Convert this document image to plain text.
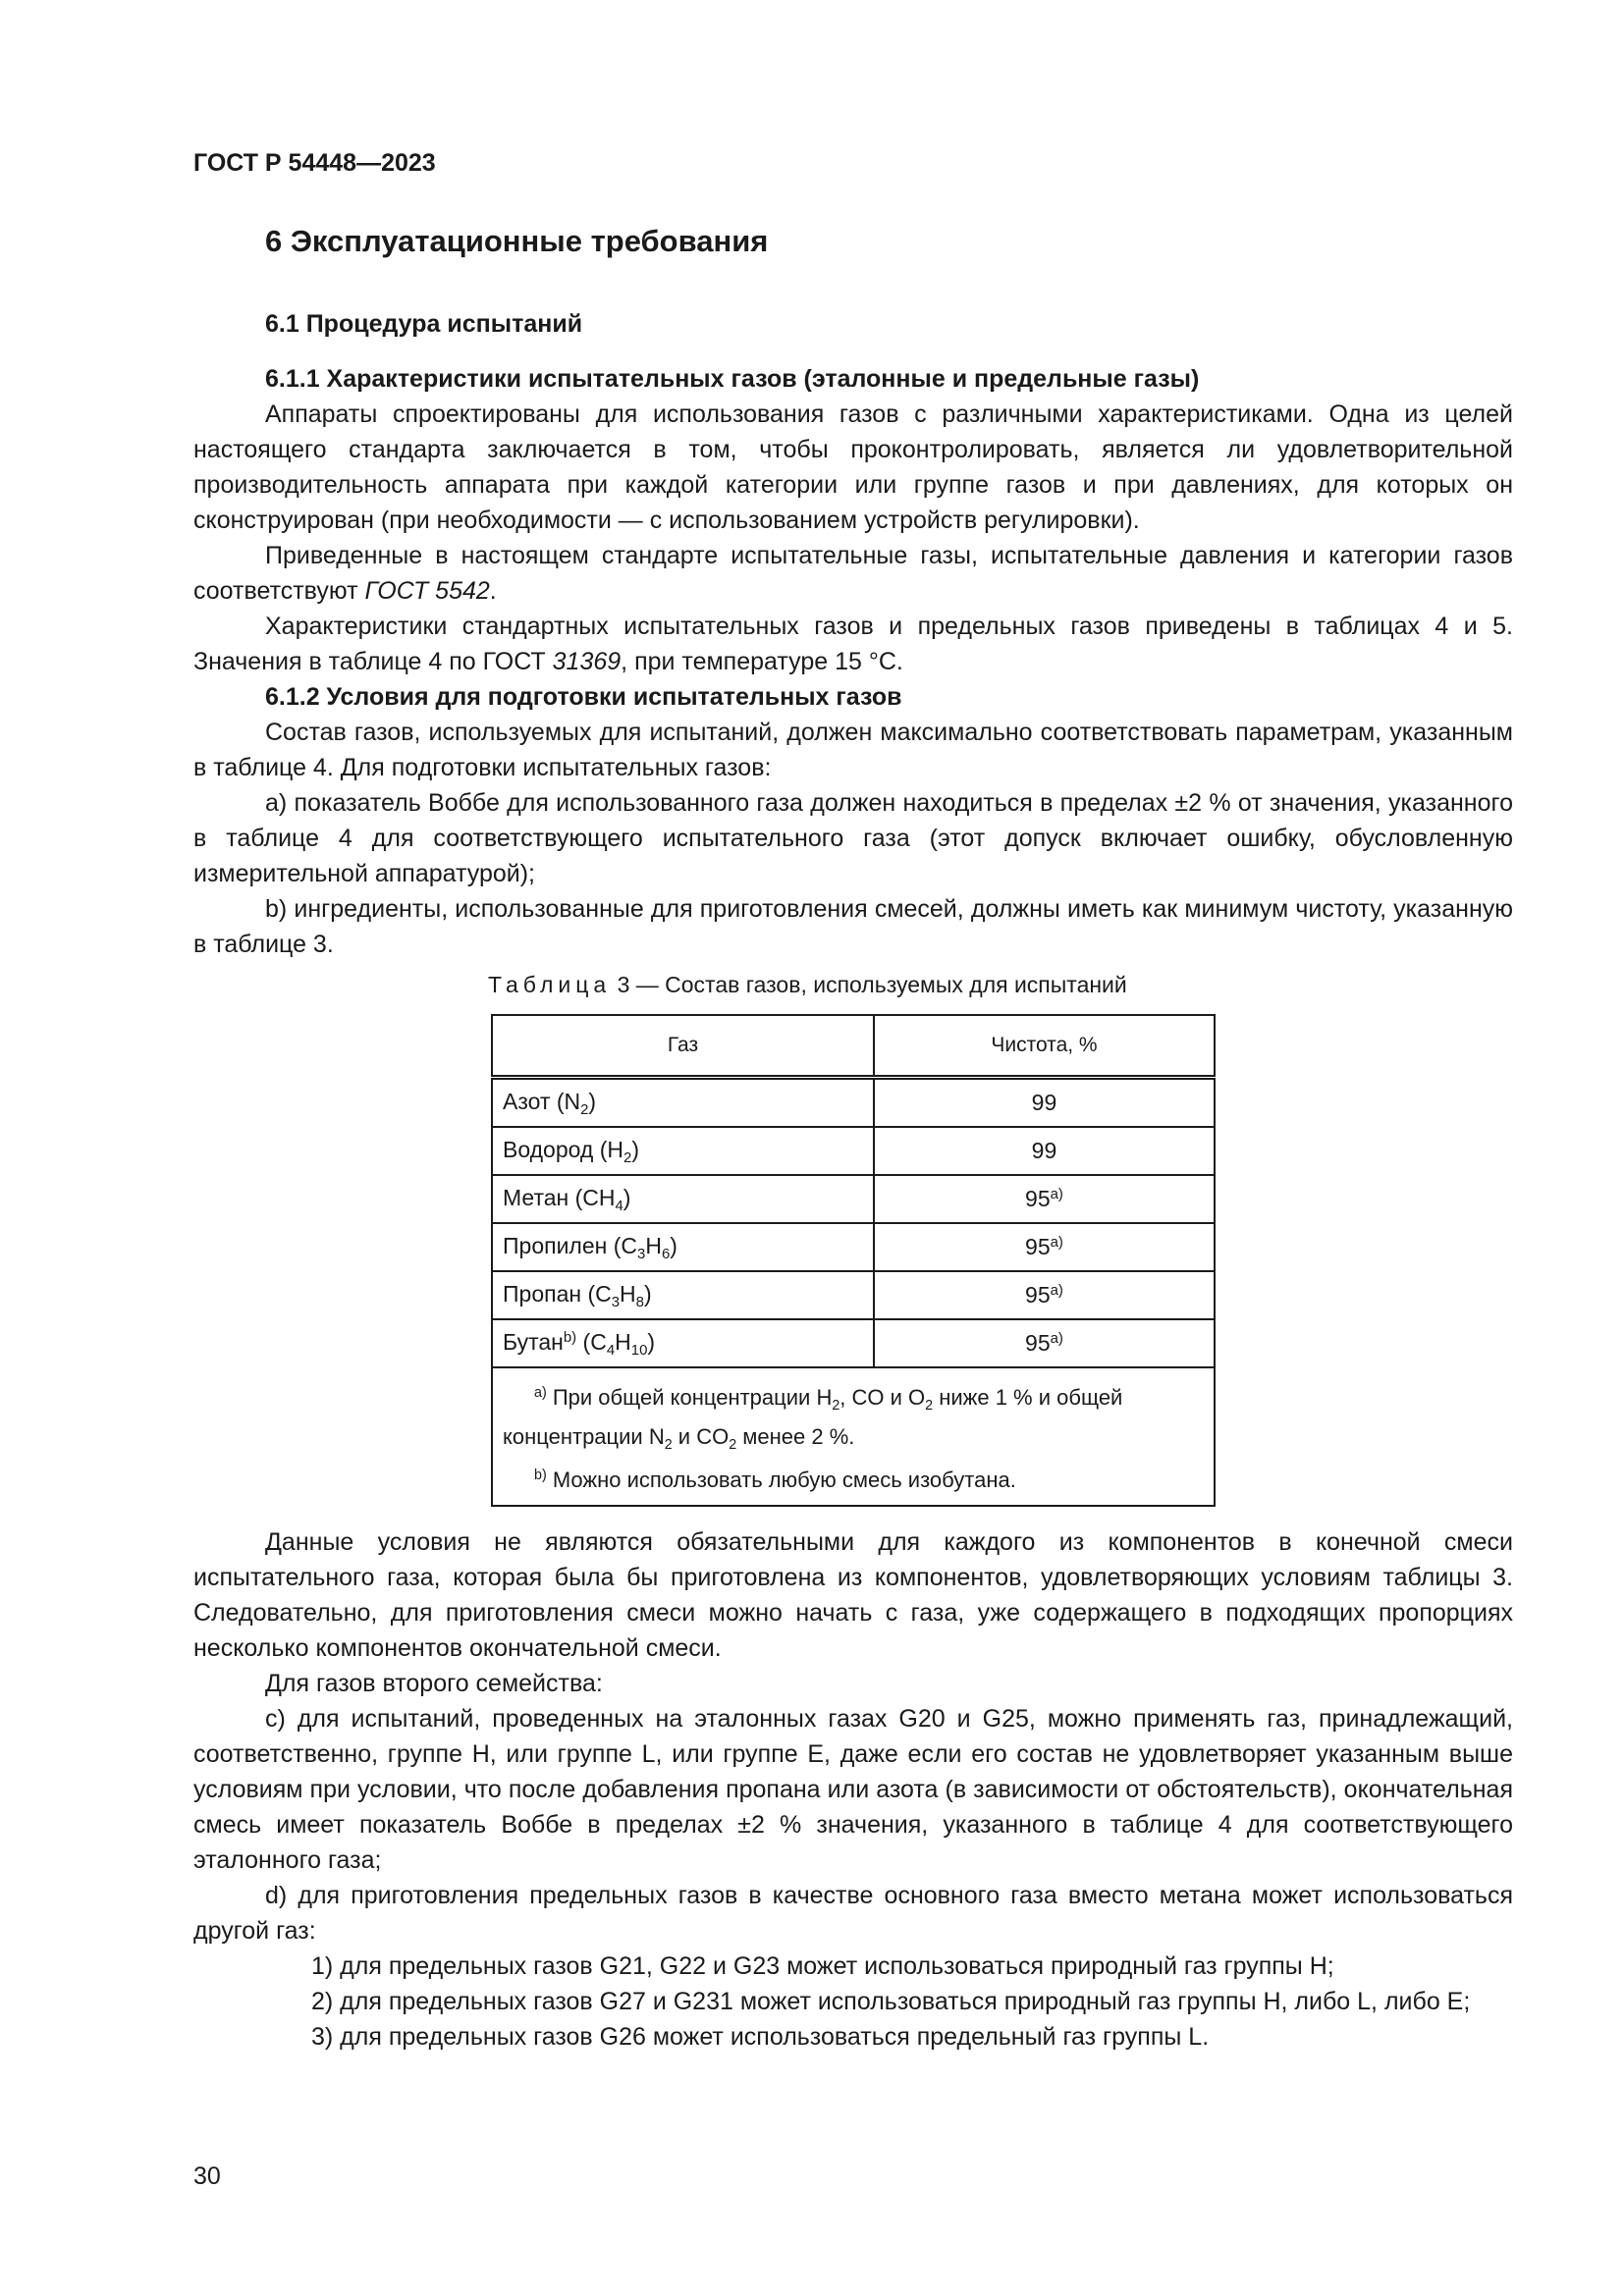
ГОСТ Р 54448—2023
6 Эксплуатационные требования

6.1 Процедура испытаний

6.1.1 Характеристики испытательных газов (эталонные и предельные газы)

Аппараты спроектированы для использования газов с различными характеристиками. Одна из целей настоящего стандарта заключается в том, чтобы проконтролировать, является ли удовлетворительной производительность аппарата при каждой категории или группе газов и при давлениях, для которых он сконструирован (при необходимости — с использованием устройств регулировки).

Приведенные в настоящем стандарте испытательные газы, испытательные давления и категории газов соответствуют ГОСТ 5542.

Характеристики стандартных испытательных газов и предельных газов приведены в таблицах 4 и 5. Значения в таблице 4 по ГОСТ 31369, при температуре 15 °C.

6.1.2 Условия для подготовки испытательных газов

Состав газов, используемых для испытаний, должен максимально соответствовать параметрам, указанным в таблице 4. Для подготовки испытательных газов:

a) показатель Воббе для использованного газа должен находиться в пределах ±2 % от значения, указанного в таблице 4 для соответствующего испытательного газа (этот допуск включает ошибку, обусловленную измерительной аппаратурой);

b) ингредиенты, использованные для приготовления смесей, должны иметь как минимум чистоту, указанную в таблице 3.

Таблица 3 — Состав газов, используемых для испытаний
Газ	Чистота, %
Азот $(N_2)$	99
Водород $(H_2)$	99
Метан $(CH_4)$	95$^{a)}$
Пропилен $(C_3H_6)$	95$^{a)}$
Пропан $(C_3H_8)$	95$^{a)}$
Бутан$^{b)}$ $(C_4H_{10})$	95$^{a)}$

$^{a)}$ При общей концентрации $H_2$, CO и $O_2$ ниже 1 % и общей концентрации $N_2$ и $CO_2$ менее 2 %.
$^{b)}$ Можно использовать любую смесь изобутана.	

Данные условия не являются обязательными для каждого из компонентов в конечной смеси испытательного газа, которая была бы приготовлена из компонентов, удовлетворяющих условиям таблицы 3. Следовательно, для приготовления смеси можно начать с газа, уже содержащего в подходящих пропорциях несколько компонентов окончательной смеси.

Для газов второго семейства:

c) для испытаний, проведенных на эталонных газах G20 и G25, можно применять газ, принадлежащий, соответственно, группе H, или группе L, или группе E, даже если его состав не удовлетворяет указанным выше условиям при условии, что после добавления пропана или азота (в зависимости от обстоятельств), окончательная смесь имеет показатель Воббе в пределах ±2 % значения, указанного в таблице 4 для соответствующего эталонного газа;

d) для приготовления предельных газов в качестве основного газа вместо метана может использоваться другой газ:

1) для предельных газов G21, G22 и G23 может использоваться природный газ группы H;

2) для предельных газов G27 и G231 может использоваться природный газ группы H, либо L, либо E;

3) для предельных газов G26 может использоваться предельный газ группы L.

30
